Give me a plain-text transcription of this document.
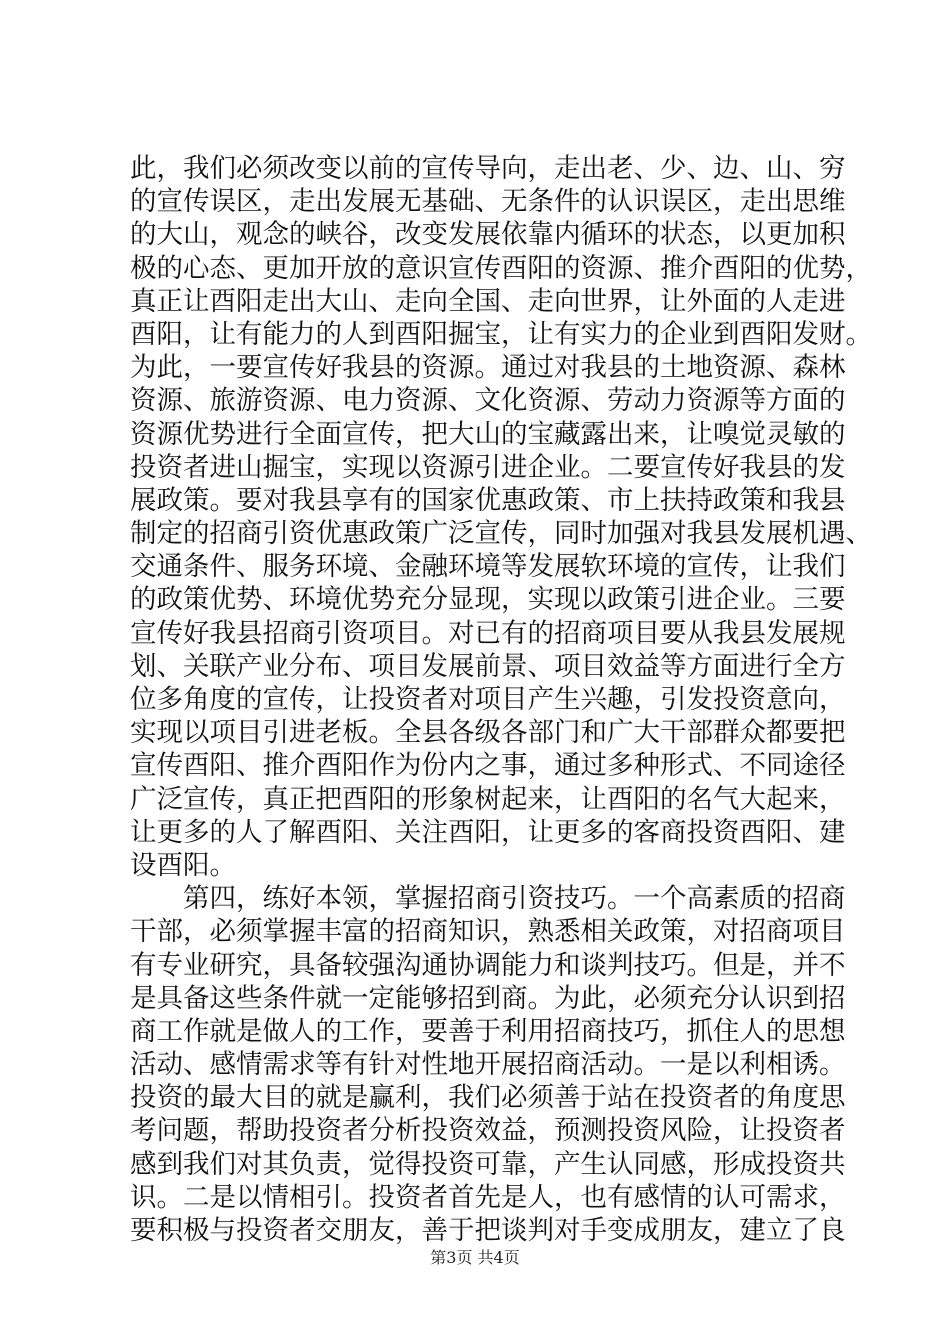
此，我们必须改变以前的宣传导向，走出老、少、边、山、穷
的宣传误区，走出发展无基础、无条件的认识误区，走出思维
的大山，观念的峡谷，改变发展依靠内循环的状态，以更加积
极的心态、更加开放的意识宣传酉阳的资源、推介酉阳的优势，
真正让酉阳走出大山、走向全国、走向世界，让外面的人走进
酉阳，让有能力的人到酉阳掘宝，让有实力的企业到酉阳发财。
为此，一要宣传好我县的资源。通过对我县的土地资源、森林
资源、旅游资源、电力资源、文化资源、劳动力资源等方面的
资源优势进行全面宣传，把大山的宝藏露出来，让嗅觉灵敏的
投资者进山掘宝，实现以资源引进企业。二要宣传好我县的发
展政策。要对我县享有的国家优惠政策、市上扶持政策和我县
制定的招商引资优惠政策广泛宣传，同时加强对我县发展机遇、
交通条件、服务环境、金融环境等发展软环境的宣传，让我们
的政策优势、环境优势充分显现，实现以政策引进企业。三要
宣传好我县招商引资项目。对已有的招商项目要从我县发展规
划、关联产业分布、项目发展前景、项目效益等方面进行全方
位多角度的宣传，让投资者对项目产生兴趣，引发投资意向，
实现以项目引进老板。全县各级各部门和广大干部群众都要把
宣传酉阳、推介酉阳作为份内之事，通过多种形式、不同途径
广泛宣传，真正把酉阳的形象树起来，让酉阳的名气大起来，
让更多的人了解酉阳、关注酉阳，让更多的客商投资酉阳、建
设酉阳。
　　第四，练好本领，掌握招商引资技巧。一个高素质的招商
干部，必须掌握丰富的招商知识，熟悉相关政策，对招商项目
有专业研究，具备较强沟通协调能力和谈判技巧。但是，并不
是具备这些条件就一定能够招到商。为此，必须充分认识到招
商工作就是做人的工作，要善于利用招商技巧，抓住人的思想
活动、感情需求等有针对性地开展招商活动。一是以利相诱。
投资的最大目的就是赢利，我们必须善于站在投资者的角度思
考问题，帮助投资者分析投资效益，预测投资风险，让投资者
感到我们对其负责，觉得投资可靠，产生认同感，形成投资共
识。二是以情相引。投资者首先是人，也有感情的认可需求，
要积极与投资者交朋友，善于把谈判对手变成朋友，建立了良
第3页 共4页
